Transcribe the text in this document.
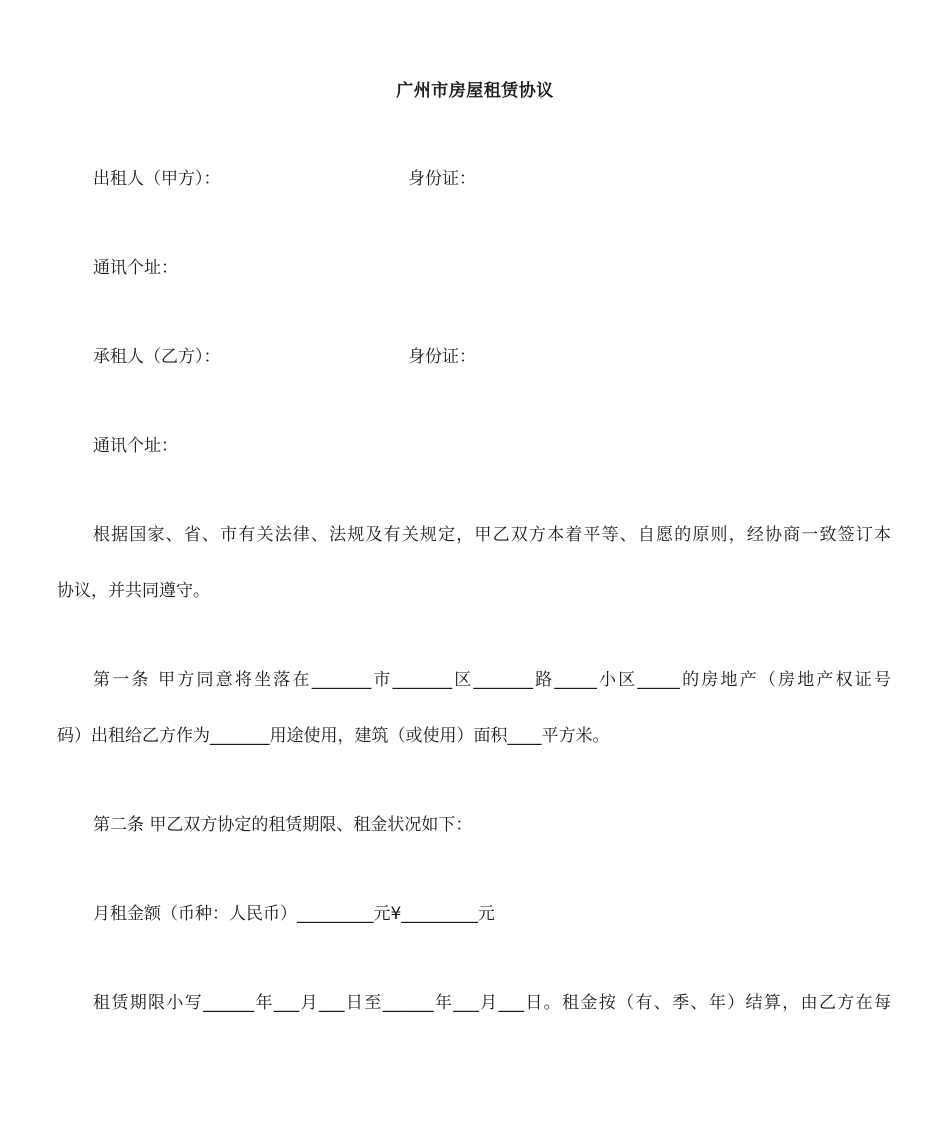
广州市房屋租赁协议
出租人（甲方）：	身份证：
通讯个址：
承租人（乙方）：	身份证：
通讯个址：
根据国家、省、市有关法律、法规及有关规定，甲乙双方本着平等、自愿的原则，经协商一致签订本
协议，并共同遵守。
第一条 甲方同意将坐落在_______市_______区_______路_____小区_____的房地产（房地产权证号
码）出租给乙方作为_______用途使用，建筑（或使用）面积____平方米。
第二条 甲乙双方协定的租赁期限、租金状况如下：
月租金额（币种：人民币）_________元¥_________元
租赁期限小写______年___月___日至______年___月___日。租金按（有、季、年）结算，由乙方在每
